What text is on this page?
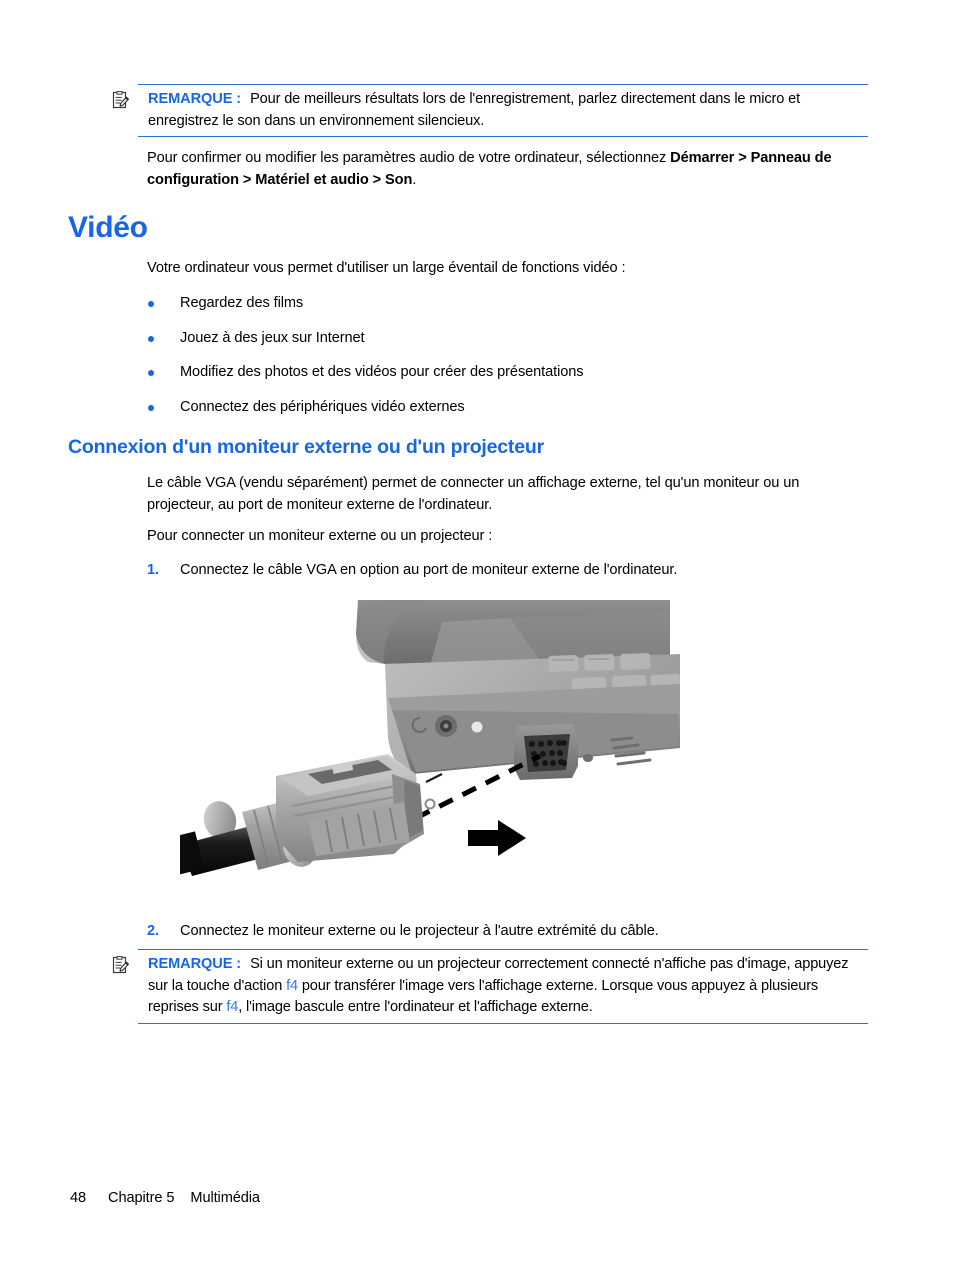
REMARQUE : Pour de meilleurs résultats lors de l'enregistrement, parlez directement dans le micro et enregistrez le son dans un environnement silencieux.
Pour confirmer ou modifier les paramètres audio de votre ordinateur, sélectionnez Démarrer > Panneau de configuration > Matériel et audio > Son.
Vidéo
Votre ordinateur vous permet d'utiliser un large éventail de fonctions vidéo :
Regardez des films
Jouez à des jeux sur Internet
Modifiez des photos et des vidéos pour créer des présentations
Connectez des périphériques vidéo externes
Connexion d'un moniteur externe ou d'un projecteur
Le câble VGA (vendu séparément) permet de connecter un affichage externe, tel qu'un moniteur ou un projecteur, au port de moniteur externe de l'ordinateur.
Pour connecter un moniteur externe ou un projecteur :
1. Connectez le câble VGA en option au port de moniteur externe de l'ordinateur.
2. Connectez le moniteur externe ou le projecteur à l'autre extrémité du câble.
REMARQUE : Si un moniteur externe ou un projecteur correctement connecté n'affiche pas d'image, appuyez sur la touche d'action f4 pour transférer l'image vers l'affichage externe. Lorsque vous appuyez à plusieurs reprises sur f4, l'image bascule entre l'ordinateur et l'affichage externe.
48 Chapitre 5 Multimédia
